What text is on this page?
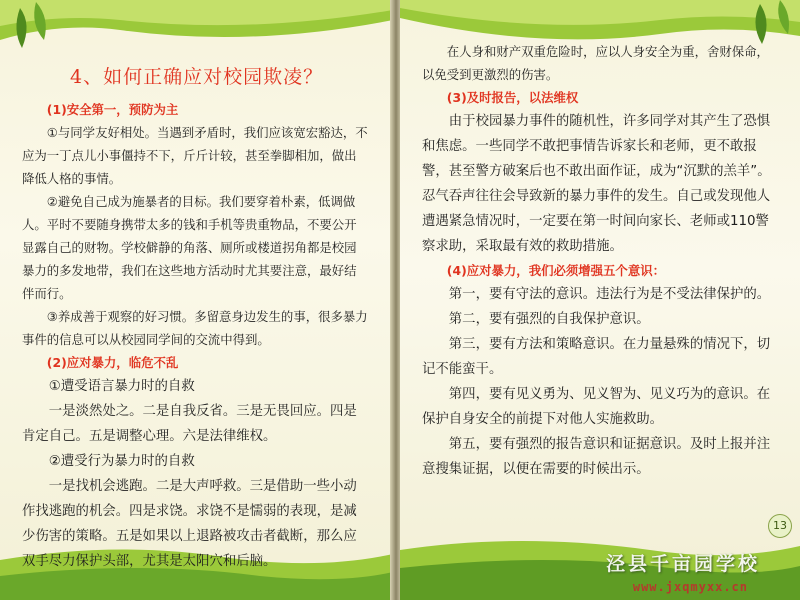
4、如何正确应对校园欺凌？

(1)安全第一，预防为主

①与同学友好相处。当遇到矛盾时，我们应该宽宏豁达，不应为一丁点儿小事僵持不下，斤斤计较，甚至拳脚相加，做出降低人格的事情。

②避免自己成为施暴者的目标。我们要穿着朴素，低调做人。平时不要随身携带太多的钱和手机等贵重物品，不要公开显露自己的财物。学校僻静的角落、厕所或楼道拐角都是校园暴力的多发地带，我们在这些地方活动时尤其要注意，最好结伴而行。

③养成善于观察的好习惯。多留意身边发生的事，很多暴力事件的信息可以从校园同学间的交流中得到。

(2)应对暴力，临危不乱

①遭受语言暴力时的自救

一是淡然处之。二是自我反省。三是无畏回应。四是肯定自己。五是调整心理。六是法律维权。

②遭受行为暴力时的自救

一是找机会逃跑。二是大声呼救。三是借助一些小动作找逃跑的机会。四是求饶。求饶不是懦弱的表现，是减少伤害的策略。五是如果以上退路被攻击者截断，那么应双手尽力保护头部，尤其是太阳穴和后脑。

在人身和财产双重危险时，应以人身安全为重，舍财保命，以免受到更激烈的伤害。

(3)及时报告，以法维权

由于校园暴力事件的随机性，许多同学对其产生了恐惧和焦虑。一些同学不敢把事情告诉家长和老师，更不敢报警，甚至警方破案后也不敢出面作证，成为“沉默的羔羊”。忍气吞声往往会导致新的暴力事件的发生。自己或发现他人遭遇紧急情况时，一定要在第一时间向家长、老师或110警察求助，采取最有效的救助措施。

(4)应对暴力，我们必须增强五个意识：

第一，要有守法的意识。违法行为是不受法律保护的。

第二，要有强烈的自我保护意识。

第三，要有方法和策略意识。在力量悬殊的情况下，切记不能蛮干。

第四，要有见义勇为、见义智为、见义巧为的意识。在保护自身安全的前提下对他人实施救助。

第五，要有强烈的报告意识和证据意识。及时上报并注意搜集证据，以便在需要的时候出示。

13
泾县千亩园学校
www.jxqmyxx.cn
